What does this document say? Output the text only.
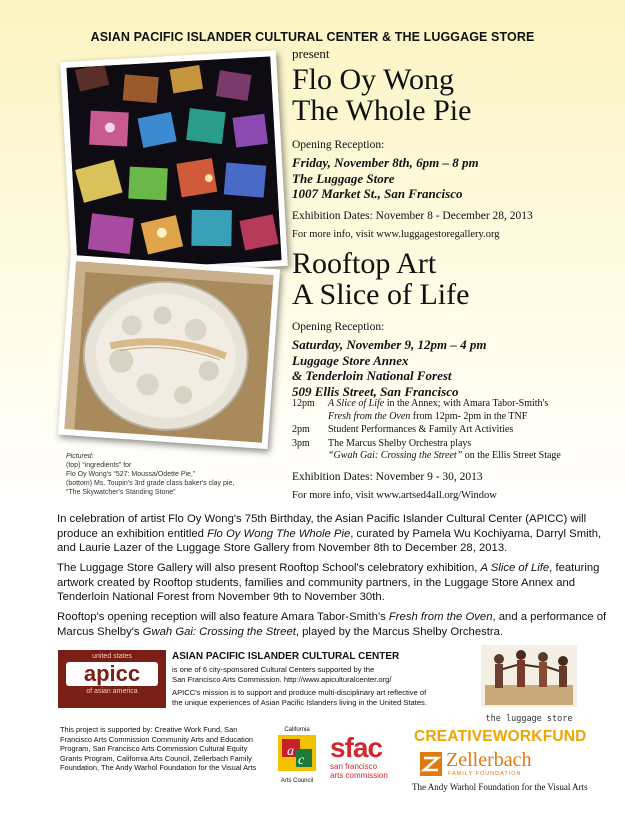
ASIAN PACIFIC ISLANDER CULTURAL CENTER & THE LUGGAGE STORE
present
Pictured:
(top) “ingredients” for
Flo Oy Wong's “527: Moussa/Odette Pie,”
(bottom) Ms. Toupin's 3rd grade class baker's clay pie,
“The Skywatcher's Standing Stone”
Flo Oy Wong
The Whole Pie
Opening Reception:
Friday, November 8th, 6pm – 8 pm
The Luggage Store
1007 Market St., San Francisco
Exhibition Dates: November 8 - December 28, 2013
For more info, visit www.luggagestoregallery.org
Rooftop Art
A Slice of Life
Opening Reception:
Saturday, November 9, 12pm – 4 pm
Luggage Store Annex
& Tenderloin National Forest
509 Ellis Street, San Francisco
12pm	A Slice of Life in the Annex; with Amara Tabor-Smith's
Fresh from the Oven from 12pm- 2pm in the TNF
2pm	Student Performances & Family Art Activities
3pm	The Marcus Shelby Orchestra plays
“Gwah Gai: Crossing the Street” on the Ellis Street Stage
Exhibition Dates: November 9 - 30, 2013
For more info, visit www.artsed4all.org/Window
In celebration of artist Flo Oy Wong's 75th Birthday, the Asian Pacific Islander Cultural Center (APICC) will produce an exhibition entitled Flo Oy Wong The Whole Pie, curated by Pamela Wu Kochiyama, Darryl Smith, and Laurie Lazer of the Luggage Store Gallery from November 8th to December 28, 2013.
The Luggage Store Gallery will also present Rooftop School's celebratory exhibition, A Slice of Life, featuring artwork created by Rooftop students, families and community partners, in the Luggage Store Annex and Tenderloin National Forest from November 9th to November 30th.
Rooftop's opening reception will also feature Amara Tabor-Smith's Fresh from the Oven, and a performance of Marcus Shelby's Gwah Gai: Crossing the Street, played by the Marcus Shelby Orchestra.
united states
apicc
of asian america
ASIAN PACIFIC ISLANDER CULTURAL CENTER
is one of 6 city-sponsored Cultural Centers supported by the
San Francisco Arts Commission. http://www.apiculturalcenter.org/
APICC's mission is to support and produce multi-disciplinary art reflective of
the unique experiences of Asian Pacific Islanders living in the United States.
the luggage store
This project is supported by: Creative Work Fund, San Francisco Arts Commission Community Arts and Education Program, San Francisco Arts Commission Cultural Equity Grants Program, California Arts Council, Zellerbach Family Foundation, The Andy Warhol Foundation for the Visual Arts
California
a
c
Arts Council
sfac
san francisco
arts commission
CREATIVEWORKFUND
Zellerbach
FAMILY FOUNDATION
The Andy Warhol Foundation for the Visual Arts
